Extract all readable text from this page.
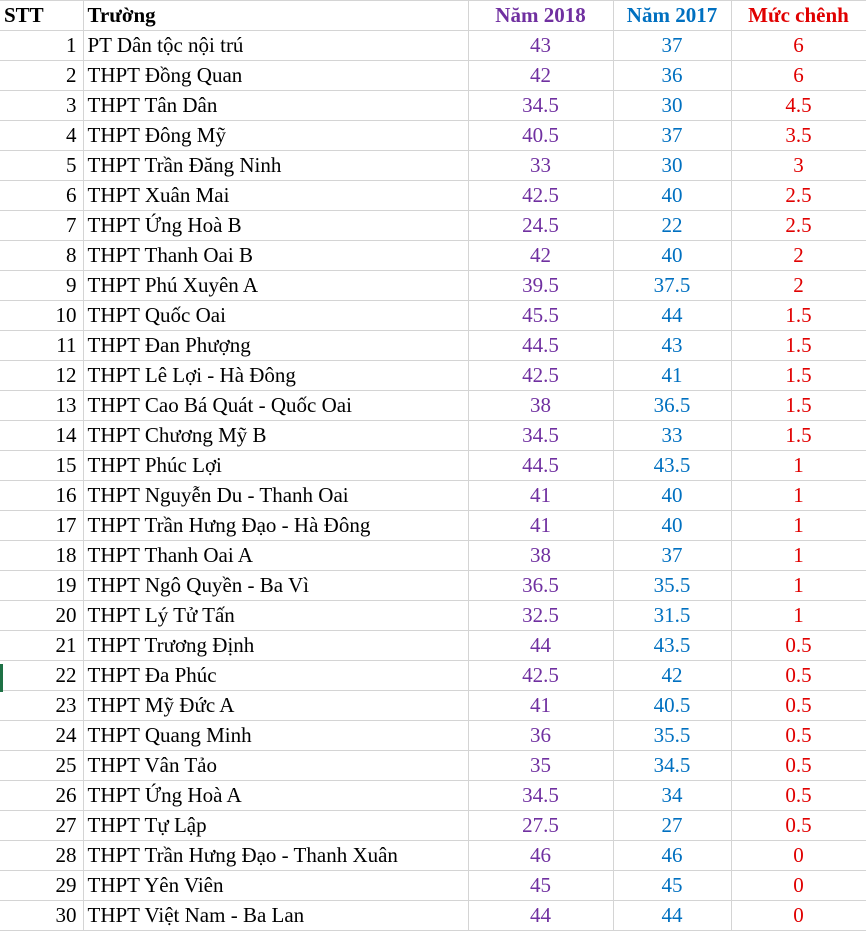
STT	Trường	Năm 2018	Năm 2017	Mức chênh
1	PT Dân tộc nội trú	43	37	6
2	THPT Đồng Quan	42	36	6
3	THPT Tân Dân	34.5	30	4.5
4	THPT Đông Mỹ	40.5	37	3.5
5	THPT Trần Đăng Ninh	33	30	3
6	THPT Xuân Mai	42.5	40	2.5
7	THPT Ứng Hoà B	24.5	22	2.5
8	THPT Thanh Oai B	42	40	2
9	THPT Phú Xuyên A	39.5	37.5	2
10	THPT Quốc Oai	45.5	44	1.5
11	THPT Đan Phượng	44.5	43	1.5
12	THPT Lê Lợi - Hà Đông	42.5	41	1.5
13	THPT Cao Bá Quát - Quốc Oai	38	36.5	1.5
14	THPT Chương Mỹ B	34.5	33	1.5
15	THPT Phúc Lợi	44.5	43.5	1
16	THPT Nguyễn Du - Thanh Oai	41	40	1
17	THPT Trần Hưng Đạo - Hà Đông	41	40	1
18	THPT Thanh Oai A	38	37	1
19	THPT Ngô Quyền - Ba Vì	36.5	35.5	1
20	THPT Lý Tử Tấn	32.5	31.5	1
21	THPT Trương Định	44	43.5	0.5
22	THPT Đa Phúc	42.5	42	0.5
23	THPT Mỹ Đức A	41	40.5	0.5
24	THPT Quang Minh	36	35.5	0.5
25	THPT Vân Tảo	35	34.5	0.5
26	THPT Ứng Hoà A	34.5	34	0.5
27	THPT Tự Lập	27.5	27	0.5
28	THPT Trần Hưng Đạo - Thanh Xuân	46	46	0
29	THPT Yên Viên	45	45	0
30	THPT Việt Nam - Ba Lan	44	44	0
